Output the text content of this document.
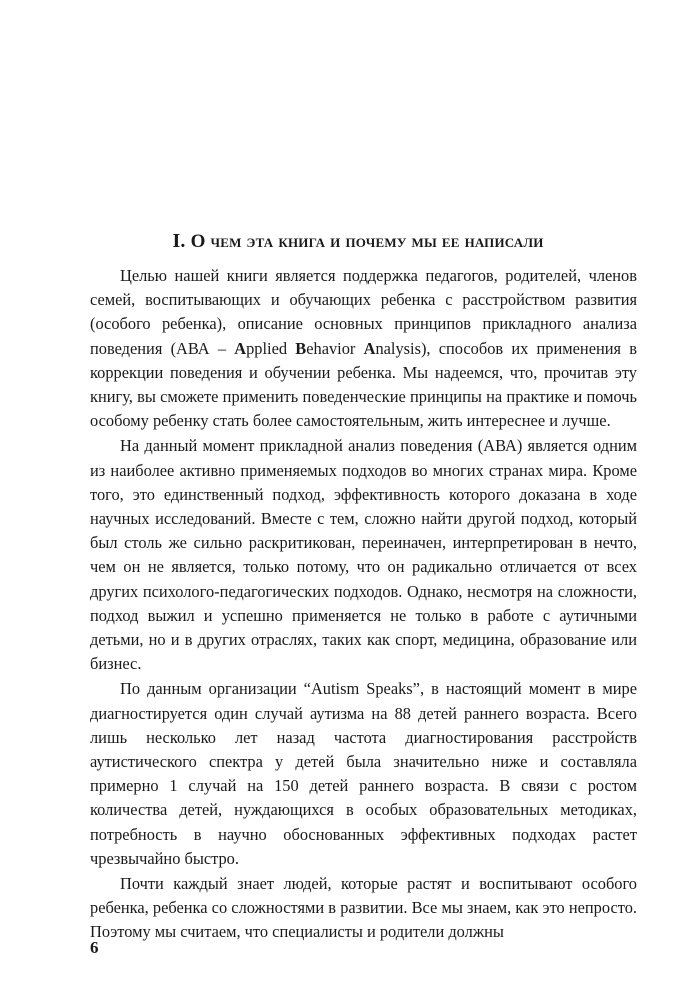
I. О чем эта книга и почему мы ее написали

Целью нашей книги является поддержка педагогов, родителей, членов семей, воспитывающих и обучающих ребенка с расстройством развития (особого ребенка), описание основных принципов прикладного анализа поведения (АВА – Applied Behavior Analysis), способов их применения в коррекции поведения и обучении ребенка. Мы надеемся, что, прочитав эту книгу, вы сможете применить поведенческие принципы на практике и помочь особому ребенку стать более самостоятельным, жить интереснее и лучше.

На данный момент прикладной анализ поведения (АВА) является одним из наиболее активно применяемых подходов во многих странах мира. Кроме того, это единственный подход, эффективность которого доказана в ходе научных исследований. Вместе с тем, сложно найти другой подход, который был столь же сильно раскритикован, переиначен, интерпретирован в нечто, чем он не является, только потому, что он радикально отличается от всех других психолого-педагогических подходов. Однако, несмотря на сложности, подход выжил и успешно применяется не только в работе с аутичными детьми, но и в других отраслях, таких как спорт, медицина, образование или бизнес.

По данным организации “Autism Speaks”, в настоящий момент в мире диагностируется один случай аутизма на 88 детей раннего возраста. Всего лишь несколько лет назад частота диагностирования расстройств аутистического спектра у детей была значительно ниже и составляла примерно 1 случай на 150 детей раннего возраста. В связи с ростом количества детей, нуждающихся в особых образовательных методиках, потребность в научно обоснованных эффективных подходах растет чрезвычайно быстро.

Почти каждый знает людей, которые растят и воспитывают особого ребенка, ребенка со сложностями в развитии. Все мы знаем, как это непросто. Поэтому мы считаем, что специалисты и родители должны

6
